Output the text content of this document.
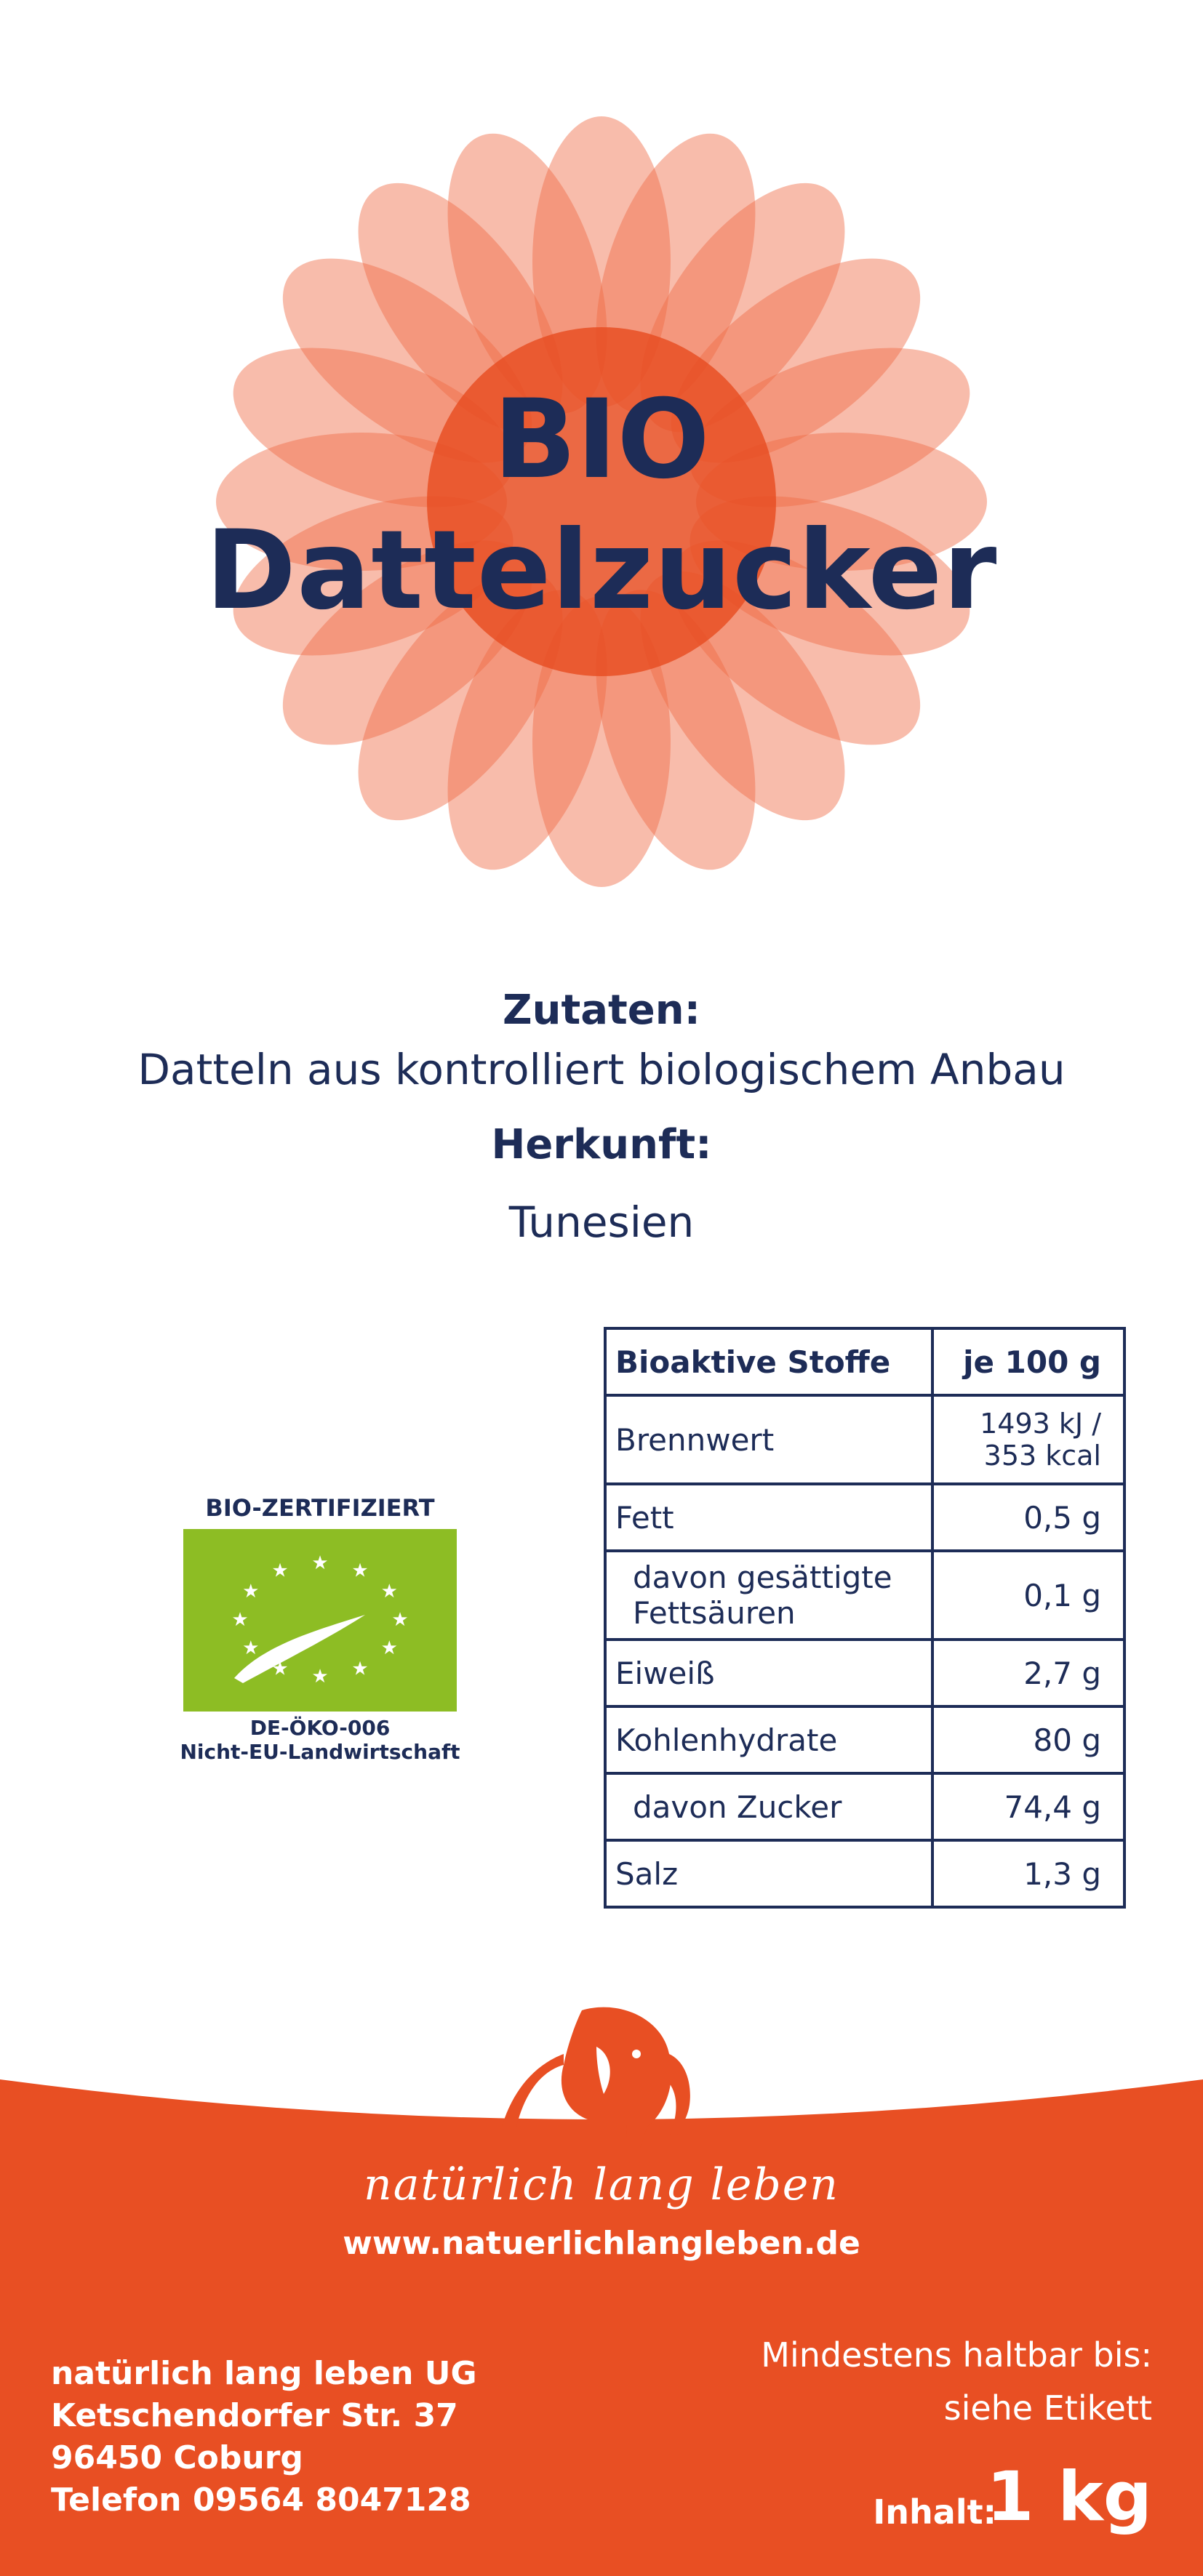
BIO
Dattelzucker
Zutaten:
Datteln aus kontrolliert biologischem Anbau
Herkunft:
Tunesien
BIO-ZERTIFIZIERT
★
★
★
★
★
★
★
★
★ ★ ★
★
DE-ÖKO-006
Nicht-EU-Landwirtschaft
Bioaktive Stoffe	je 100 g
Brennwert	1493 kJ /
353 kcal
Fett	0,5 g
davon gesättigte Fettsäuren	0,1 g
Eiweiß	2,7 g
Kohlenhydrate	80 g
davon Zucker	74,4 g
Salz	1,3 g
natürlich lang leben
www.natuerlichlangleben.de
natürlich lang leben UG
Ketschendorfer Str. 37
96450 Coburg
Telefon 09564 8047128
Mindestens haltbar bis:
siehe Etikett
Inhalt:
1 kg
